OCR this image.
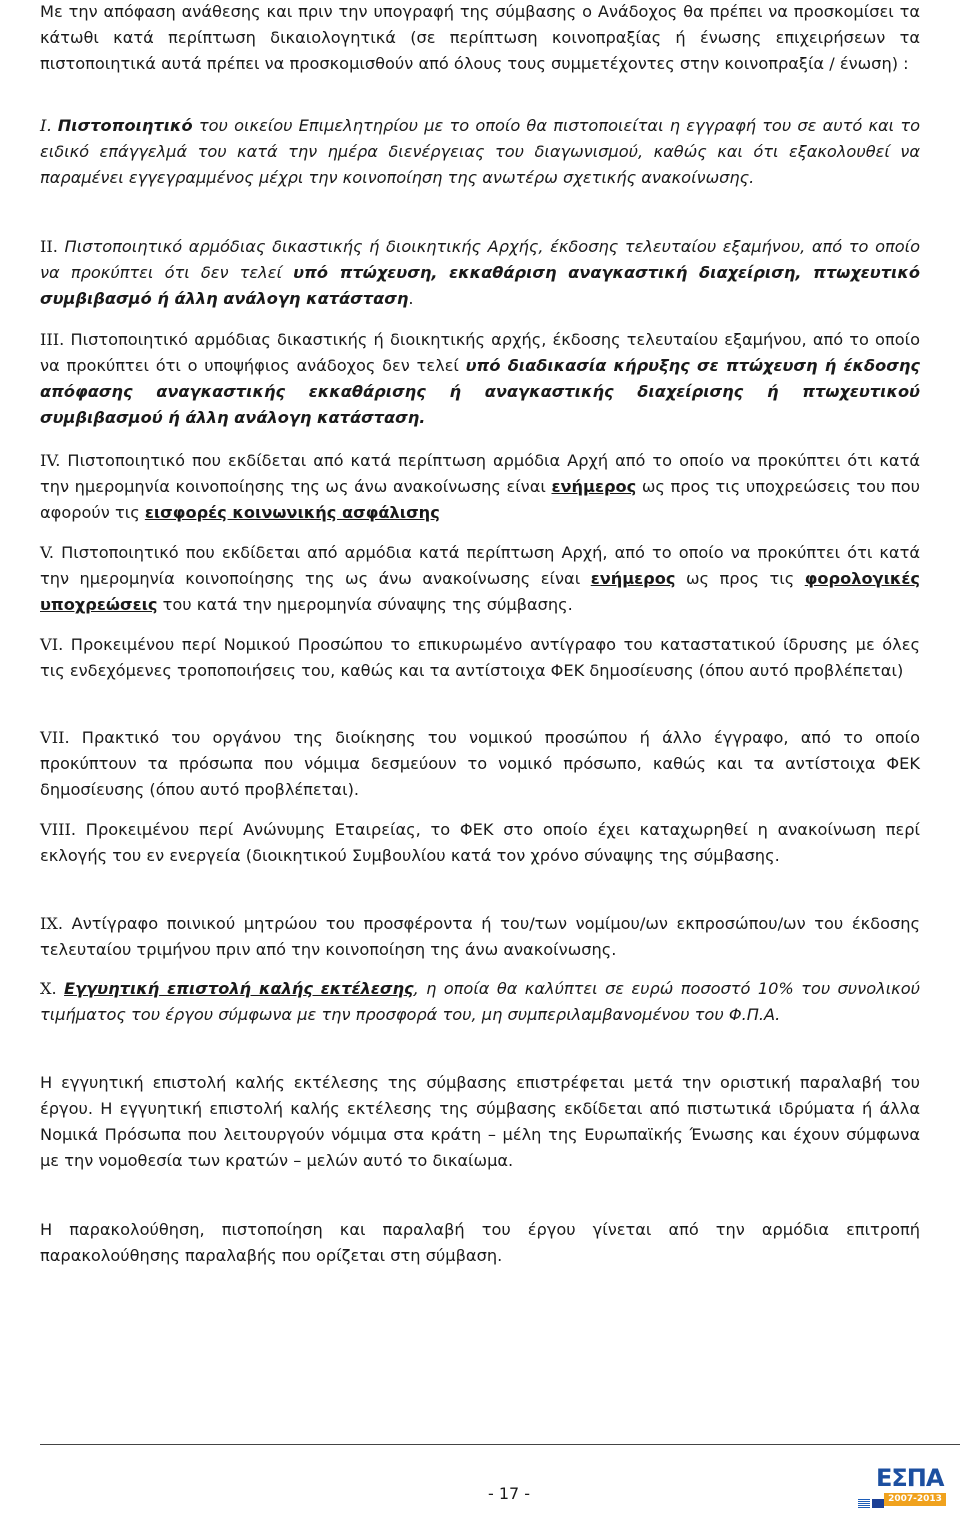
Με την απόφαση ανάθεσης και πριν την υπογραφή της σύμβασης ο Ανάδοχος θα πρέπει να προσκομίσει τα κάτωθι κατά περίπτωση δικαιολογητικά (σε περίπτωση κοινοπραξίας ή ένωσης επιχειρήσεων τα πιστοποιητικά αυτά πρέπει να προσκομισθούν από όλους τους συμμετέχοντες στην κοινοπραξία / ένωση) :

I. Πιστοποιητικό του οικείου Επιμελητηρίου με το οποίο θα πιστοποιείται η εγγραφή του σε αυτό και το ειδικό επάγγελμά του κατά την ημέρα διενέργειας του διαγωνισμού, καθώς και ότι εξακολουθεί να παραμένει εγγεγραμμένος μέχρι την κοινοποίηση της ανωτέρω σχετικής ανακοίνωσης.

II. Πιστοποιητικό αρμόδιας δικαστικής ή διοικητικής Αρχής, έκδοσης τελευταίου εξαμήνου, από το οποίο να προκύπτει ότι δεν τελεί υπό πτώχευση, εκκαθάριση αναγκαστική διαχείριση, πτωχευτικό συμβιβασμό ή άλλη ανάλογη κατάσταση.

III. Πιστοποιητικό αρμόδιας δικαστικής ή διοικητικής αρχής, έκδοσης τελευταίου εξαμήνου, από το οποίο να προκύπτει ότι ο υποψήφιος ανάδοχος δεν τελεί υπό διαδικασία κήρυξης σε πτώχευση ή έκδοσης απόφασης αναγκαστικής εκκαθάρισης ή αναγκαστικής διαχείρισης ή πτωχευτικού συμβιβασμού ή άλλη ανάλογη κατάσταση.

IV. Πιστοποιητικό που εκδίδεται από κατά περίπτωση αρμόδια Αρχή από το οποίο να προκύπτει ότι κατά την ημερομηνία κοινοποίησης της ως άνω ανακοίνωσης είναι ενήμερος ως προς τις υποχρεώσεις του που αφορούν τις εισφορές κοινωνικής ασφάλισης

V. Πιστοποιητικό που εκδίδεται από αρμόδια κατά περίπτωση Αρχή, από το οποίο να προκύπτει ότι κατά την ημερομηνία κοινοποίησης της ως άνω ανακοίνωσης είναι ενήμερος ως προς τις φορολογικές υποχρεώσεις του κατά την ημερομηνία σύναψης της σύμβασης.

VI. Προκειμένου περί Νομικού Προσώπου το επικυρωμένο αντίγραφο του καταστατικού ίδρυσης με όλες τις ενδεχόμενες τροποποιήσεις του, καθώς και τα αντίστοιχα ΦΕΚ δημοσίευσης (όπου αυτό προβλέπεται)

VII. Πρακτικό του οργάνου της διοίκησης του νομικού προσώπου ή άλλο έγγραφο, από το οποίο προκύπτουν τα πρόσωπα που νόμιμα δεσμεύουν το νομικό πρόσωπο, καθώς και τα αντίστοιχα ΦΕΚ δημοσίευσης (όπου αυτό προβλέπεται).

VIII. Προκειμένου περί Ανώνυμης Εταιρείας, το ΦΕΚ στο οποίο έχει καταχωρηθεί η ανακοίνωση περί εκλογής του εν ενεργεία (διοικητικού Συμβουλίου κατά τον χρόνο σύναψης της σύμβασης.

IX. Αντίγραφο ποινικού μητρώου του προσφέροντα ή του/των νομίμου/ων εκπροσώπου/ων του έκδοσης τελευταίου τριμήνου πριν από την κοινοποίηση της άνω ανακοίνωσης.

X. Εγγυητική επιστολή καλής εκτέλεσης, η οποία θα καλύπτει σε ευρώ ποσοστό 10% του συνολικού τιμήματος του έργου σύμφωνα με την προσφορά του, μη συμπεριλαμβανομένου του Φ.Π.Α.

Η εγγυητική επιστολή καλής εκτέλεσης της σύμβασης επιστρέφεται μετά την οριστική παραλαβή του έργου. Η εγγυητική επιστολή καλής εκτέλεσης της σύμβασης εκδίδεται από πιστωτικά ιδρύματα ή άλλα Νομικά Πρόσωπα που λειτουργούν νόμιμα στα κράτη – μέλη της Ευρωπαϊκής Ένωσης και έχουν σύμφωνα με την νομοθεσία των κρατών – μελών αυτό το δικαίωμα.

Η παρακολούθηση, πιστοποίηση και παραλαβή του έργου γίνεται από την αρμόδια επιτροπή παρακολούθησης παραλαβής που ορίζεται στη σύμβαση.

- 17 -
ΕΣΠΑ
2007-2013
